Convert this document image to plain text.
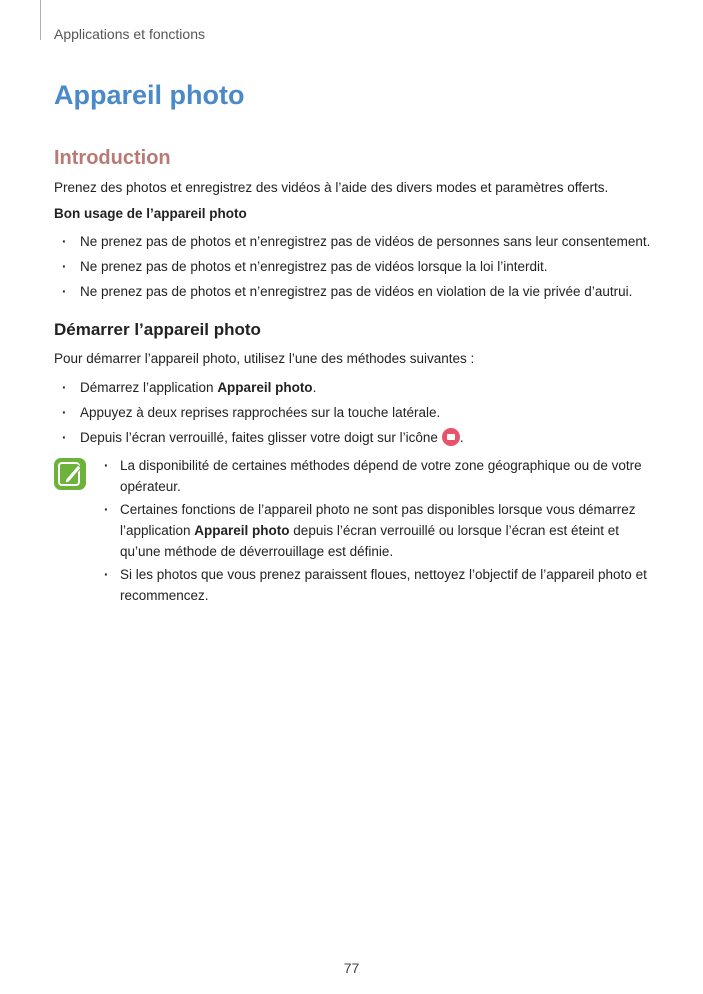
Applications et fonctions
Appareil photo
Introduction
Prenez des photos et enregistrez des vidéos à l’aide des divers modes et paramètres offerts.
Bon usage de l’appareil photo
· Ne prenez pas de photos et n’enregistrez pas de vidéos de personnes sans leur consentement.
· Ne prenez pas de photos et n’enregistrez pas de vidéos lorsque la loi l’interdit.
· Ne prenez pas de photos et n’enregistrez pas de vidéos en violation de la vie privée d’autrui.
Démarrer l’appareil photo
Pour démarrer l’appareil photo, utilisez l’une des méthodes suivantes :
· Démarrez l’application Appareil photo.
· Appuyez à deux reprises rapprochées sur la touche latérale.
· Depuis l’écran verrouillé, faites glisser votre doigt sur l’icône .
· La disponibilité de certaines méthodes dépend de votre zone géographique ou de votre opérateur.
· Certaines fonctions de l’appareil photo ne sont pas disponibles lorsque vous démarrez l’application Appareil photo depuis l’écran verrouillé ou lorsque l’écran est éteint et qu’une méthode de déverrouillage est définie.
· Si les photos que vous prenez paraissent floues, nettoyez l’objectif de l’appareil photo et recommencez.
77
